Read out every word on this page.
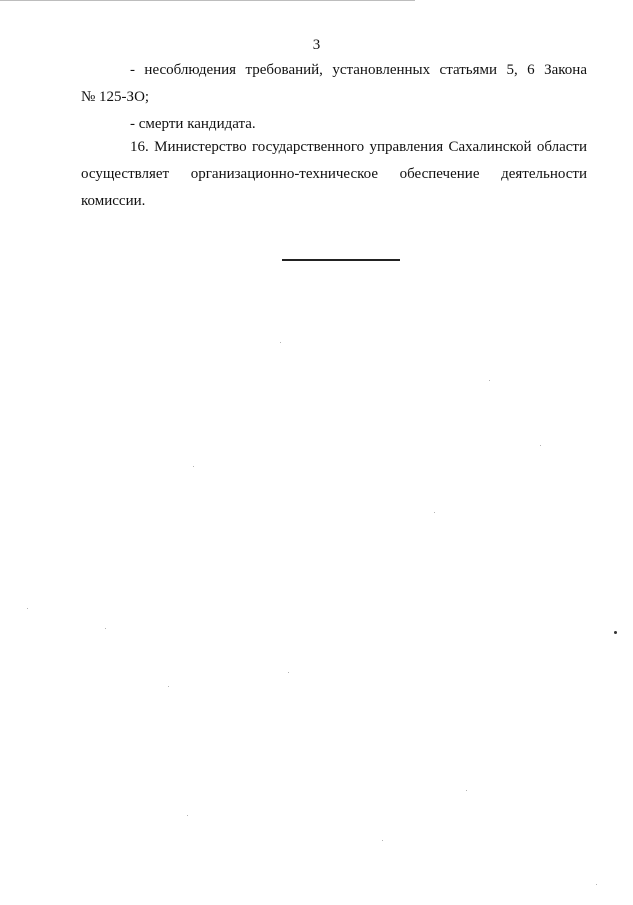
3
- несоблюдения требований, установленных статьями 5, 6 Закона
№ 125-ЗО;
- смерти кандидата.
16. Министерство государственного управления Сахалинской области
осуществляет организационно-техническое обеспечение деятельности
комиссии.
